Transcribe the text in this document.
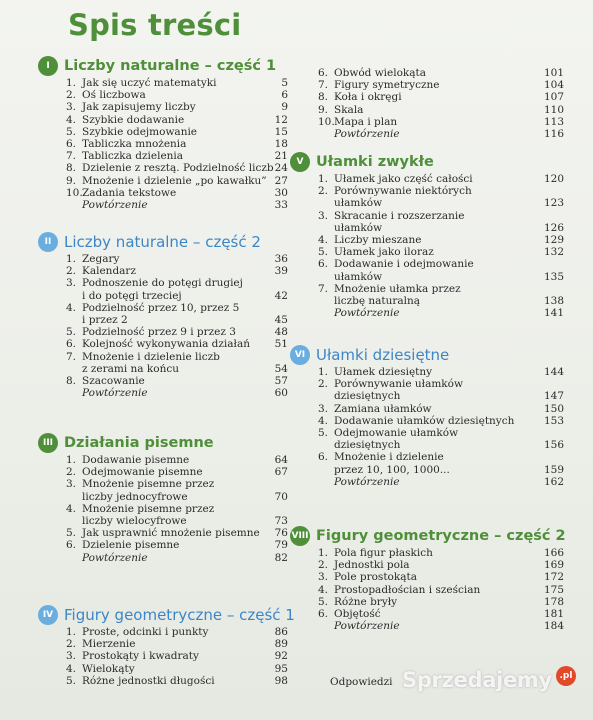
Spis treści
I Liczby naturalne – część 1
1. Jak się uczyć matematyki	5
2. Oś liczbowa	6
3. Jak zapisujemy liczby	9
4. Szybkie dodawanie	12
5. Szybkie odejmowanie	15
6. Tabliczka mnożenia	18
7. Tabliczka dzielenia	21
8. Dzielenie z resztą. Podzielność liczb 24
9. Mnożenie i dzielenie „po kawałku” 27
10. Zadania tekstowe	30
Powtórzenie	33
II Liczby naturalne – część 2
1. Zegary	36
2. Kalendarz	39
3. Podnoszenie do potęgi drugiej
i do potęgi trzeciej	42
4. Podzielność przez 10, przez 5
i przez 2	45
5. Podzielność przez 9 i przez 3	48
6. Kolejność wykonywania działań 51
7. Mnożenie i dzielenie liczb
z zerami na końcu	54
8. Szacowanie	57
Powtórzenie	60
III Działania pisemne
1. Dodawanie pisemne	64
2. Odejmowanie pisemne	67
3. Mnożenie pisemne przez
liczby jednocyfrowe	70
4. Mnożenie pisemne przez
liczby wielocyfrowe	73
5. Jak usprawnić mnożenie pisemne 76
6. Dzielenie pisemne	79
Powtórzenie	82
IV Figury geometryczne – część 1
1. Proste, odcinki i punkty	86
2. Mierzenie	89
3. Prostokąty i kwadraty	92
4. Wielokąty	95
5. Różne jednostki długości	98
6. Obwód wielokąta	101
7. Figury symetryczne	104
8. Koła i okręgi	107
9. Skala	110
10. Mapa i plan	113
Powtórzenie	116
V Ułamki zwykłe
1. Ułamek jako część całości	120
2. Porównywanie niektórych
ułamków	123
3. Skracanie i rozszerzanie
ułamków	126
4. Liczby mieszane	129
5. Ułamek jako iloraz	132
6. Dodawanie i odejmowanie
ułamków	135
7. Mnożenie ułamka przez
liczbę naturalną	138
Powtórzenie	141
VI Ułamki dziesiętne
1. Ułamek dziesiętny	144
2. Porównywanie ułamków
dziesiętnych	147
3. Zamiana ułamków	150
4. Dodawanie ułamków dziesiętnych	153
5. Odejmowanie ułamków
dziesiętnych	156
6. Mnożenie i dzielenie
przez 10, 100, 1000...	159
Powtórzenie	162
VIII Figury geometryczne – część 2
1. Pola figur płaskich	166
2. Jednostki pola	169
3. Pole prostokąta	172
4. Prostopadłościan i sześcian	175
5. Różne bryły	178
6. Objętość	181
Powtórzenie	184
Odpowiedzi Sprzedajemy .pl
